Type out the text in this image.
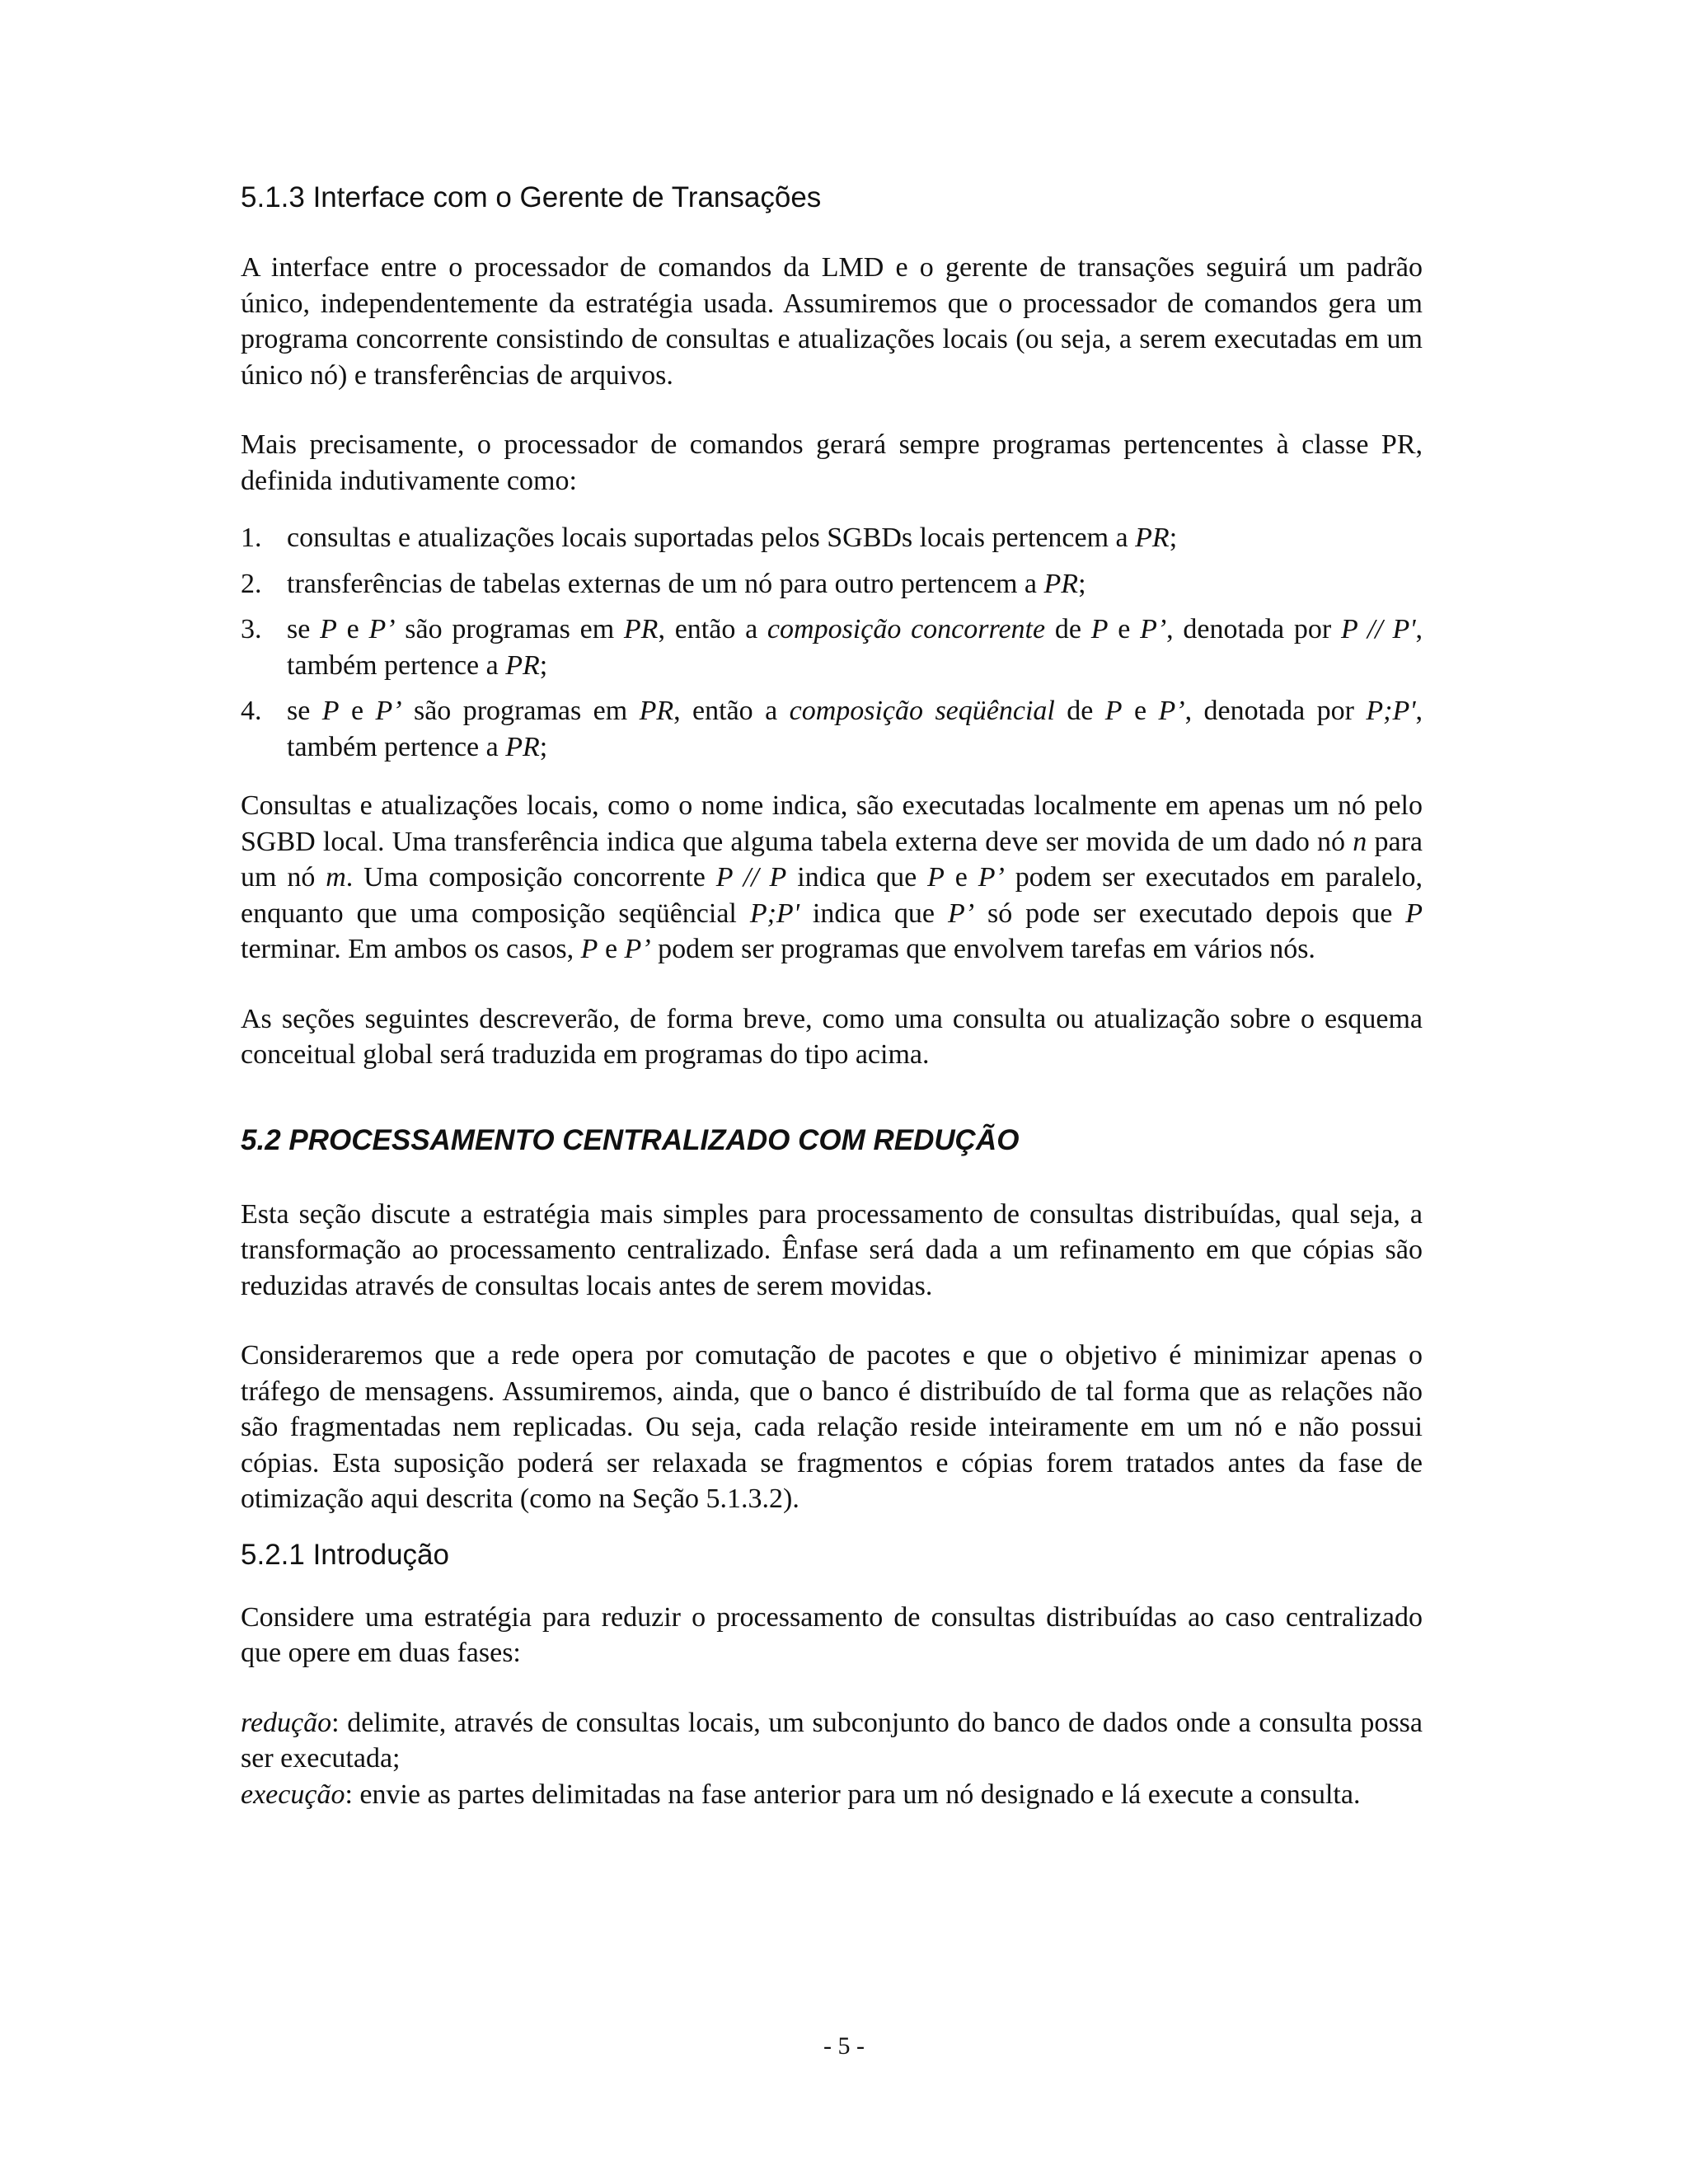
5.1.3 Interface com o Gerente de Transações

A interface entre o processador de comandos da LMD e o gerente de transações seguirá um padrão único, independentemente da estratégia usada. Assumiremos que o processador de comandos gera um programa concorrente consistindo de consultas e atualizações locais (ou seja, a serem executadas em um único nó) e transferências de arquivos.

Mais precisamente, o processador de comandos gerará sempre programas pertencentes à classe PR, definida indutivamente como:

1. consultas e atualizações locais suportadas pelos SGBDs locais pertencem a PR;
2. transferências de tabelas externas de um nó para outro pertencem a PR;
3. se P e P’ são programas em PR, então a composição concorrente de P e P’, denotada por P // P', também pertence a PR;
4. se P e P’ são programas em PR, então a composição seqüêncial de P e P’, denotada por P;P', também pertence a PR;

Consultas e atualizações locais, como o nome indica, são executadas localmente em apenas um nó pelo SGBD local. Uma transferência indica que alguma tabela externa deve ser movida de um dado nó n para um nó m. Uma composição concorrente P // P indica que P e P’ podem ser executados em paralelo, enquanto que uma composição seqüêncial P;P' indica que P’ só pode ser executado depois que P terminar. Em ambos os casos, P e P’ podem ser programas que envolvem tarefas em vários nós.

As seções seguintes descreverão, de forma breve, como uma consulta ou atualização sobre o esquema conceitual global será traduzida em programas do tipo acima.

5.2 PROCESSAMENTO CENTRALIZADO COM REDUÇÃO

Esta seção discute a estratégia mais simples para processamento de consultas distribuídas, qual seja, a transformação ao processamento centralizado. Ênfase será dada a um refinamento em que cópias são reduzidas através de consultas locais antes de serem movidas.

Consideraremos que a rede opera por comutação de pacotes e que o objetivo é minimizar apenas o tráfego de mensagens. Assumiremos, ainda, que o banco é distribuído de tal forma que as relações não são fragmentadas nem replicadas. Ou seja, cada relação reside inteiramente em um nó e não possui cópias. Esta suposição poderá ser relaxada se fragmentos e cópias forem tratados antes da fase de otimização aqui descrita (como na Seção 5.1.3.2).

5.2.1 Introdução

Considere uma estratégia para reduzir o processamento de consultas distribuídas ao caso centralizado que opere em duas fases:

redução: delimite, através de consultas locais, um subconjunto do banco de dados onde a consulta possa ser executada;

execução: envie as partes delimitadas na fase anterior para um nó designado e lá execute a consulta.

- 5 -
